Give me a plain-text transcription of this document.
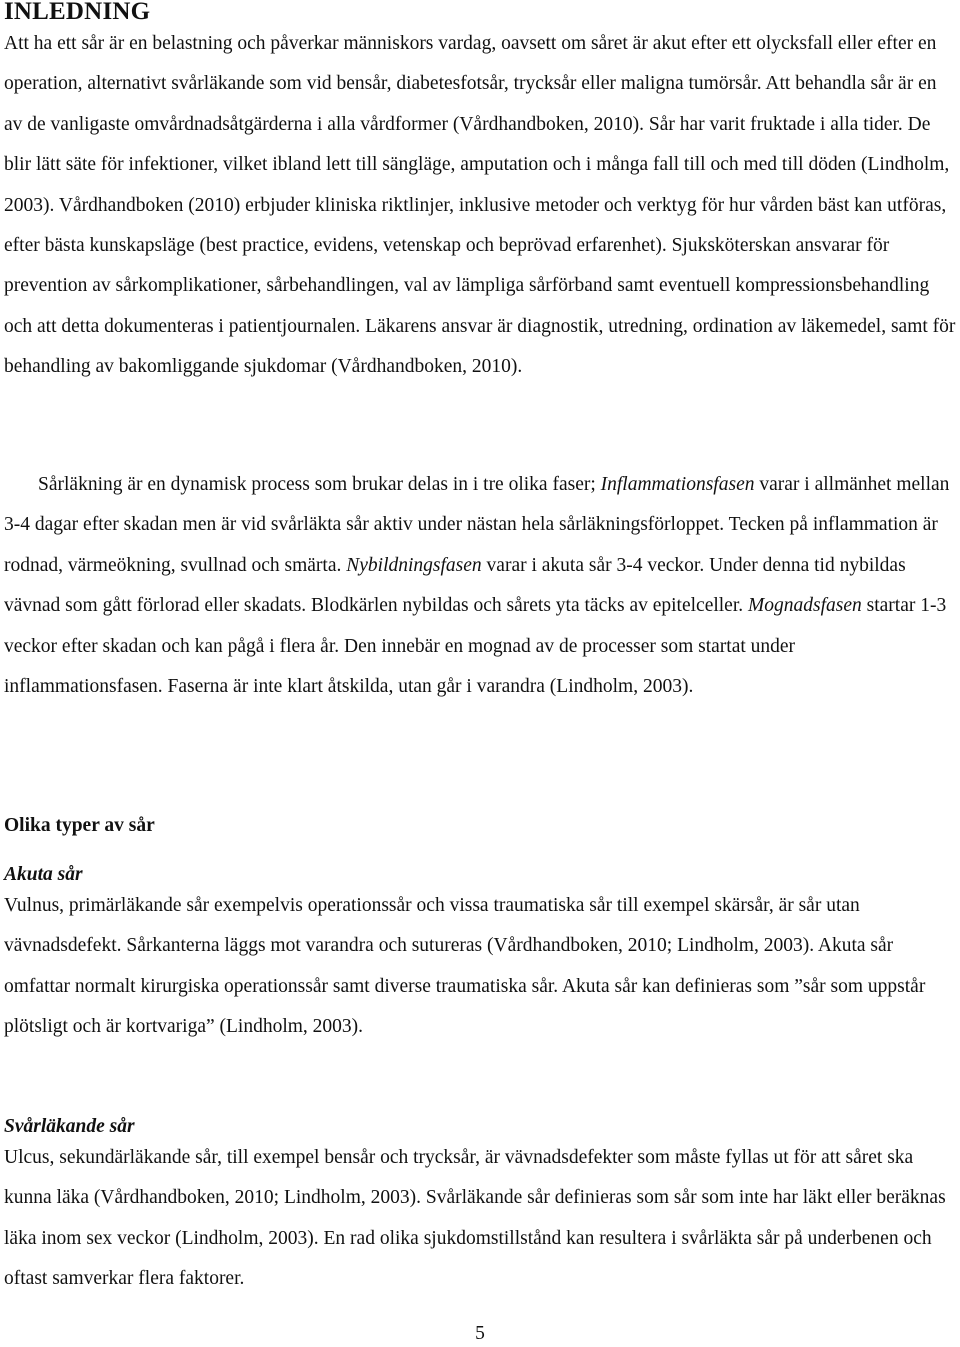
INLEDNING

Att ha ett sår är en belastning och påverkar människors vardag, oavsett om såret är akut efter ett olycksfall eller efter en operation, alternativt svårläkande som vid bensår, diabetesfotsår, trycksår eller maligna tumörsår. Att behandla sår är en av de vanligaste omvårdnadsåtgärderna i alla vårdformer (Vårdhandboken, 2010). Sår har varit fruktade i alla tider. De blir lätt säte för infektioner, vilket ibland lett till sängläge, amputation och i många fall till och med till döden (Lindholm, 2003). Vårdhandboken (2010) erbjuder kliniska riktlinjer, inklusive metoder och verktyg för hur vården bäst kan utföras, efter bästa kunskapsläge (best practice, evidens, vetenskap och beprövad erfarenhet). Sjuksköterskan ansvarar för prevention av sårkomplikationer, sårbehandlingen, val av lämpliga sårförband samt eventuell kompressionsbehandling och att detta dokumenteras i patientjournalen. Läkarens ansvar är diagnostik, utredning, ordination av läkemedel, samt för behandling av bakomliggande sjukdomar (Vårdhandboken, 2010).

Sårläkning är en dynamisk process som brukar delas in i tre olika faser; Inflammationsfasen varar i allmänhet mellan 3-4 dagar efter skadan men är vid svårläkta sår aktiv under nästan hela sårläkningsförloppet. Tecken på inflammation är rodnad, värmeökning, svullnad och smärta. Nybildningsfasen varar i akuta sår 3-4 veckor. Under denna tid nybildas vävnad som gått förlorad eller skadats. Blodkärlen nybildas och sårets yta täcks av epitelceller. Mognadsfasen startar 1-3 veckor efter skadan och kan pågå i flera år. Den innebär en mognad av de processer som startat under inflammationsfasen. Faserna är inte klart åtskilda, utan går i varandra (Lindholm, 2003).

Olika typer av sår
Akuta sår

Vulnus, primärläkande sår exempelvis operationssår och vissa traumatiska sår till exempel skärsår, är sår utan vävnadsdefekt. Sårkanterna läggs mot varandra och sutureras (Vårdhandboken, 2010; Lindholm, 2003). Akuta sår omfattar normalt kirurgiska operationssår samt diverse traumatiska sår. Akuta sår kan definieras som ”sår som uppstår plötsligt och är kortvariga” (Lindholm, 2003).

Svårläkande sår

Ulcus, sekundärläkande sår, till exempel bensår och trycksår, är vävnadsdefekter som måste fyllas ut för att såret ska kunna läka (Vårdhandboken, 2010; Lindholm, 2003). Svårläkande sår definieras som sår som inte har läkt eller beräknas läka inom sex veckor (Lindholm, 2003). En rad olika sjukdomstillstånd kan resultera i svårläkta sår på underbenen och oftast samverkar flera faktorer.

5
